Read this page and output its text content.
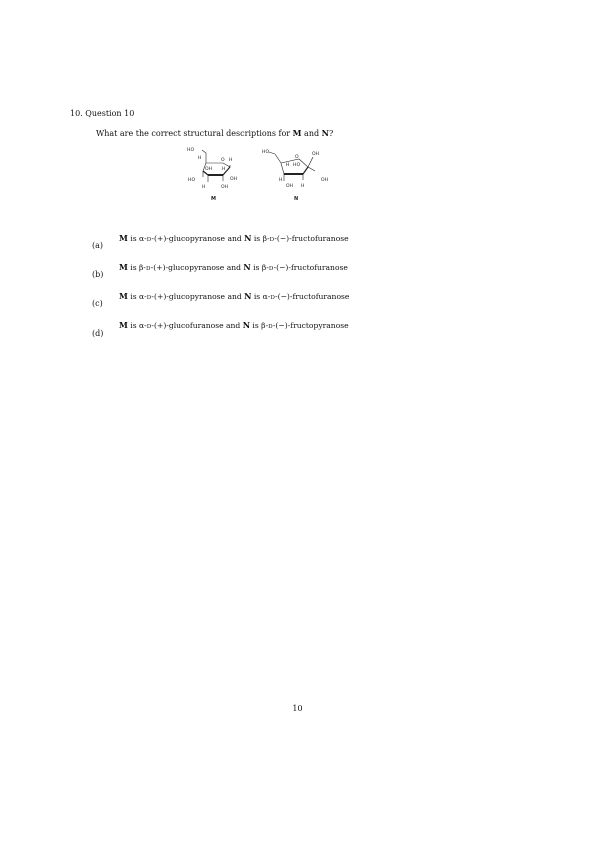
10. Question 10
What are the correct structural descriptions for M and N?
HO
H	O H
OH H
HO	OH
H	OH
M
HO
O
OH
H HO
H	OH
OH H
N
(a)
M is α-D-(+)-glucopyranose and N is β-D-(−)-fructofuranose
(b)
M is β-D-(+)-glucopyranose and N is β-D-(−)-fructofuranose
(c)
M is α-D-(+)-glucopyranose and N is α-D-(−)-fructofuranose
(d)
M is α-D-(+)-glucofuranose and N is β-D-(−)-fructopyranose
10
